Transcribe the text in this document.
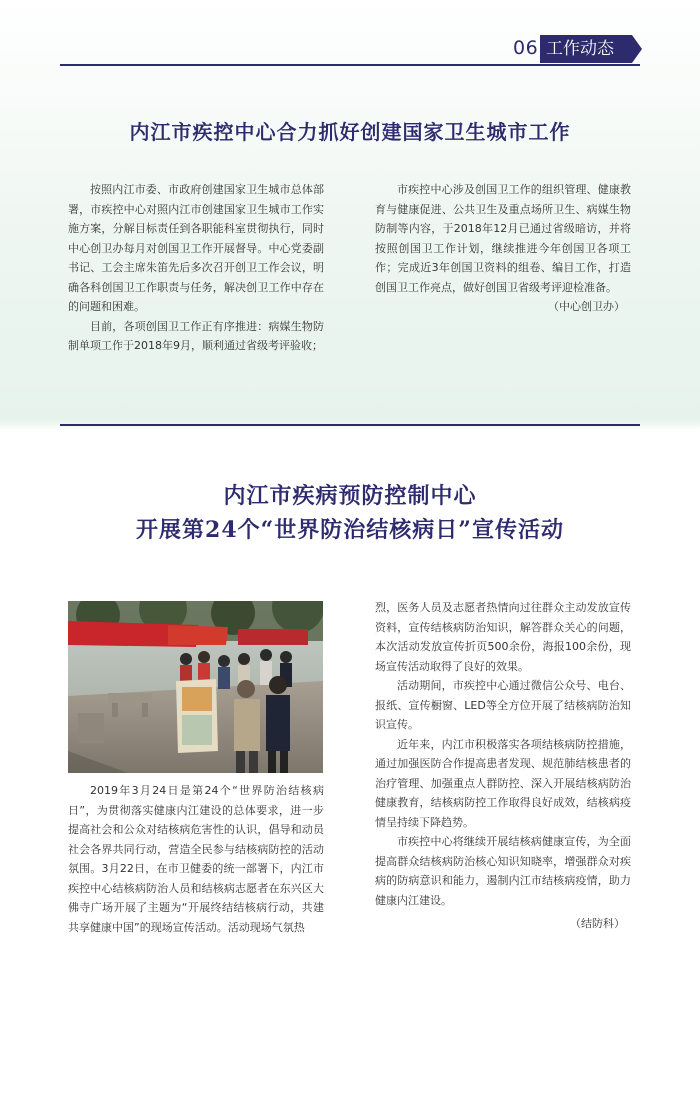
06 工作动态
内江市疾控中心合力抓好创建国家卫生城市工作

按照内江市委、市政府创建国家卫生城市总体部署，市疾控中心对照内江市创建国家卫生城市工作实施方案，分解目标责任到各职能科室贯彻执行，同时中心创卫办每月对创国卫工作开展督导。中心党委副书记、工会主席朱笛先后多次召开创卫工作会议，明确各科创国卫工作职责与任务，解决创卫工作中存在的问题和困难。

目前，各项创国卫工作正有序推进：病媒生物防制单项工作于2018年9月，顺利通过省级考评验收；

市疾控中心涉及创国卫工作的组织管理、健康教育与健康促进、公共卫生及重点场所卫生、病媒生物防制等内容，于2018年12月已通过省级暗访，并将按照创国卫工作计划，继续推进今年创国卫各项工作；完成近3年创国卫资料的组卷、编目工作，打造创国卫工作亮点，做好创国卫省级考评迎检准备。

（中心创卫办）

内江市疾病预防控制中心
开展第24个“世界防治结核病日”宣传活动

2019年3月24日是第24个“世界防治结核病日”，为贯彻落实健康内江建设的总体要求，进一步提高社会和公众对结核病危害性的认识，倡导和动员社会各界共同行动，营造全民参与结核病防控的活动氛围。3月22日，在市卫健委的统一部署下，内江市疾控中心结核病防治人员和结核病志愿者在东兴区大佛寺广场开展了主题为“开展终结结核病行动，共建共享健康中国”的现场宣传活动。活动现场气氛热

烈，医务人员及志愿者热情向过往群众主动发放宣传资料，宣传结核病防治知识，解答群众关心的问题，本次活动发放宣传折页500余份，海报100余份，现场宣传活动取得了良好的效果。

活动期间，市疾控中心通过微信公众号、电台、报纸、宣传橱窗、LED等全方位开展了结核病防治知识宣传。

近年来，内江市积极落实各项结核病防控措施，通过加强医防合作提高患者发现、规范肺结核患者的治疗管理、加强重点人群防控、深入开展结核病防治健康教育，结核病防控工作取得良好成效，结核病疫情呈持续下降趋势。

市疾控中心将继续开展结核病健康宣传，为全面提高群众结核病防治核心知识知晓率，增强群众对疾病的防病意识和能力，遏制内江市结核病疫情，助力健康内江建设。

（结防科）
